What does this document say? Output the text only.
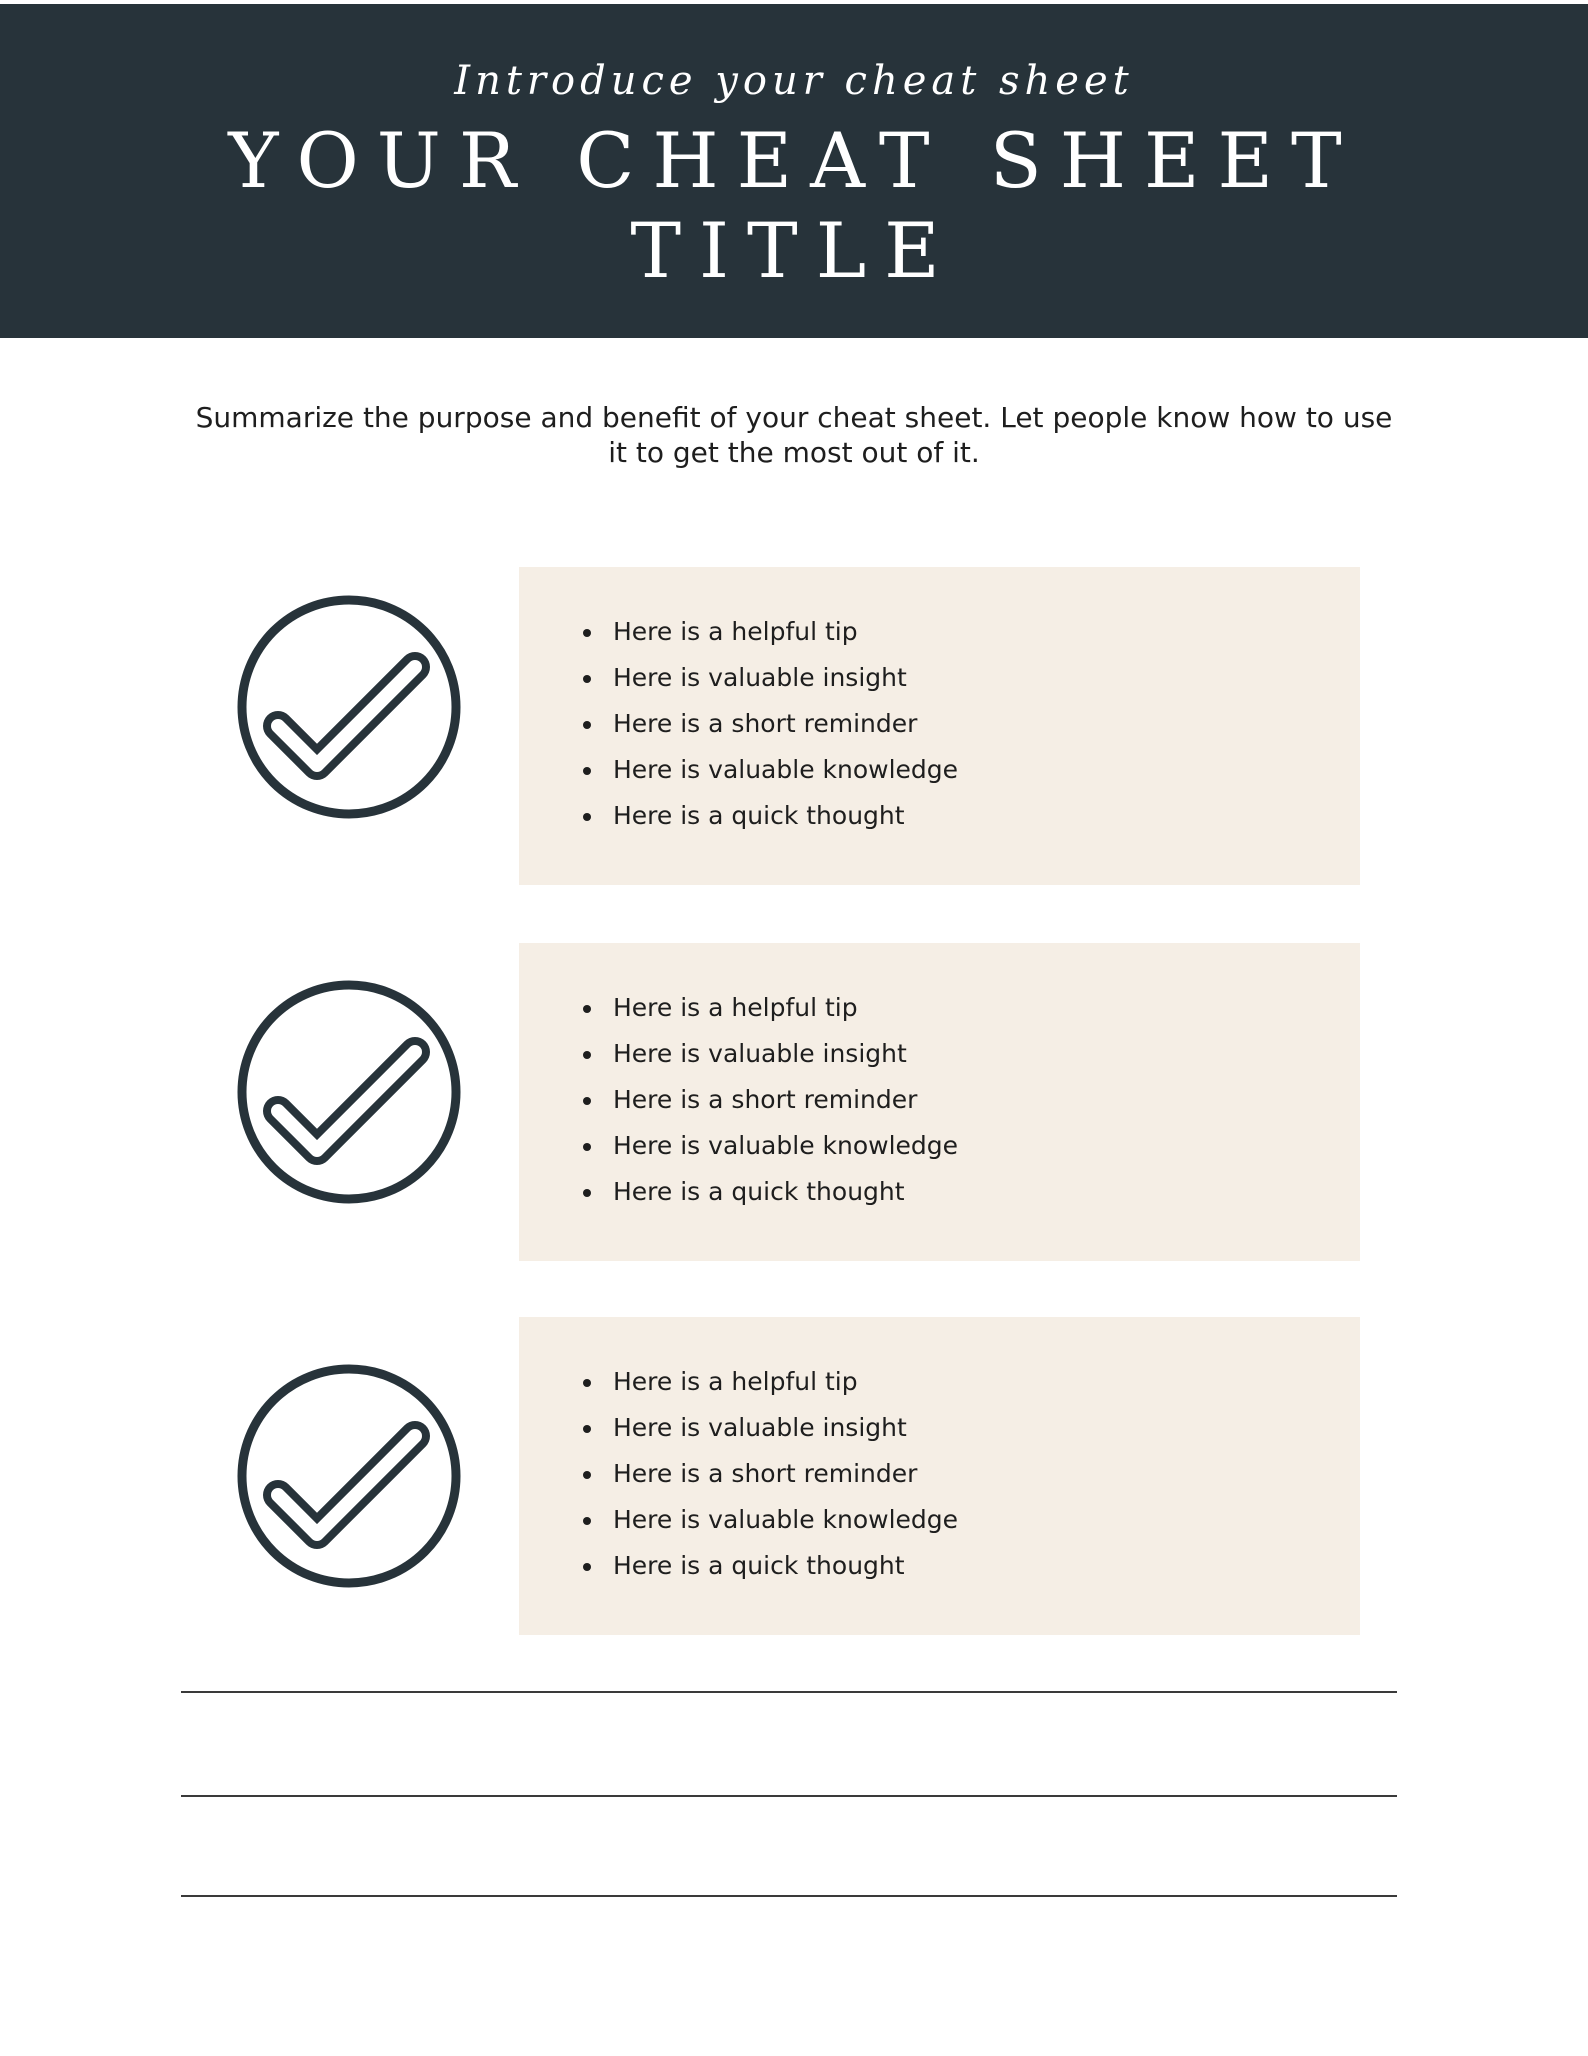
Introduce your cheat sheet
YOUR CHEAT SHEET TITLE
Summarize the purpose and benefit of your cheat sheet. Let people know how to use it to get the most out of it.
Here is a helpful tip
Here is valuable insight
Here is a short reminder
Here is valuable knowledge
Here is a quick thought
Here is a helpful tip
Here is valuable insight
Here is a short reminder
Here is valuable knowledge
Here is a quick thought
Here is a helpful tip
Here is valuable insight
Here is a short reminder
Here is valuable knowledge
Here is a quick thought
